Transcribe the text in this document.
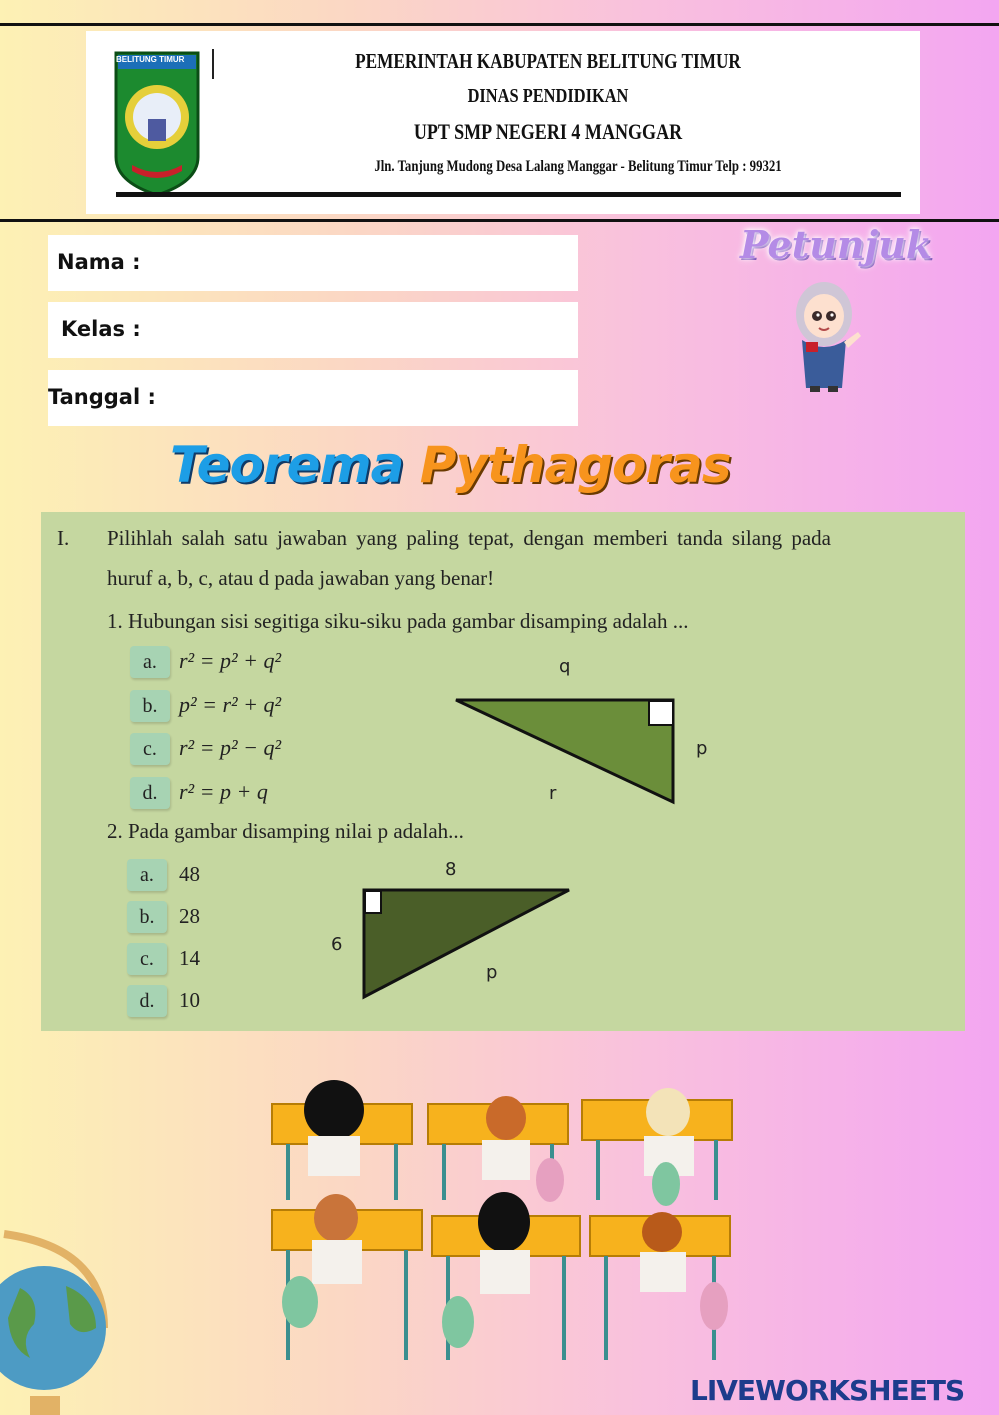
BELITUNG TIMUR	PEMERINTAH KABUPATEN BELITUNG TIMUR
DINAS PENDIDIKAN
UPT SMP NEGERI 4 MANGGAR
Jln. Tanjung Mudong Desa Lalang Manggar - Belitung Timur Telp : 99321
Nama :
Kelas :
Tanggal :
Petunjuk
Teorema Pythagoras
I. Pilihlah salah satu jawaban yang paling tepat, dengan memberi tanda silang pada
huruf a, b, c, atau d pada jawaban yang benar!
1. Hubungan sisi segitiga siku-siku pada gambar disamping adalah ...
a.	r² = p² + q²
b. p² = r² + q²
c.	r² = p² − q²
d. r² = p + q
q
p
r
2. Pada gambar disamping nilai p adalah...
a.	48
b.	28
c.	14
d.	10
8
6
p
LIVEWORKSHEETS
